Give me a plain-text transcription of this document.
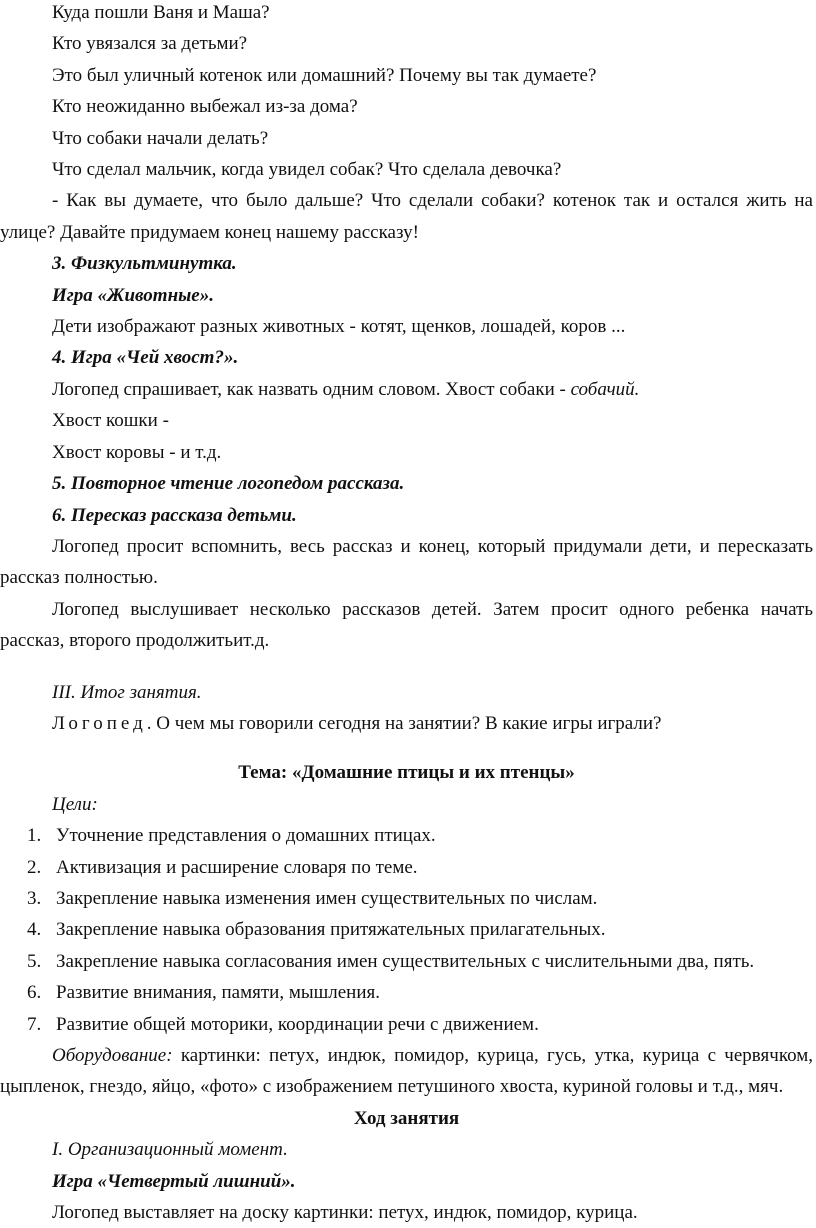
Куда пошли Ваня и Маша?

Кто увязался за детьми?

Это был уличный котенок или домашний? Почему вы так думаете?

Кто неожиданно выбежал из-за дома?

Что собаки начали делать?

Что сделал мальчик, когда увидел собак? Что сделала девочка?

- Как вы думаете, что было дальше? Что сделали собаки? котенок так и остался жить на улице? Давайте придумаем конец нашему рассказу!

3. Физкультминутка.

Игра «Животные».

Дети изображают разных животных - котят, щенков, лошадей, коров ...

4. Игра «Чей хвост?».

Логопед спрашивает, как назвать одним словом. Хвост собаки - собачий.

Хвост кошки -

Хвост коровы - и т.д.

5. Повторное чтение логопедом рассказа.

6. Пересказ рассказа детьми.

Логопед просит вспомнить, весь рассказ и конец, который придумали дети, и пересказать рассказ полностью.

Логопед выслушивает несколько рассказов детей. Затем просит одного ребенка начать рассказ, второго продолжитьит.д.

III. Итог занятия.

Логопед. О чем мы говорили сегодня на занятии? В какие игры играли?

Тема: «Домашние птицы и их птенцы»

Цели:

1. Уточнение представления о домашних птицах.
2. Активизация и расширение словаря по теме.
3. Закрепление навыка изменения имен существительных по числам.
4. Закрепление навыка образования притяжательных прилагательных.
5. Закрепление навыка согласования имен существительных с числительными два, пять.
6. Развитие внимания, памяти, мышления.
7. Развитие общей моторики, координации речи с движением.

Оборудование: картинки: петух, индюк, помидор, курица, гусь, утка, курица с червячком, цыпленок, гнездо, яйцо, «фото» с изображением петушиного хвоста, куриной головы и т.д., мяч.

Ход занятия

I. Организационный момент.

Игра «Четвертый лишний».

Логопед выставляет на доску картинки: петух, индюк, помидор, курица.
